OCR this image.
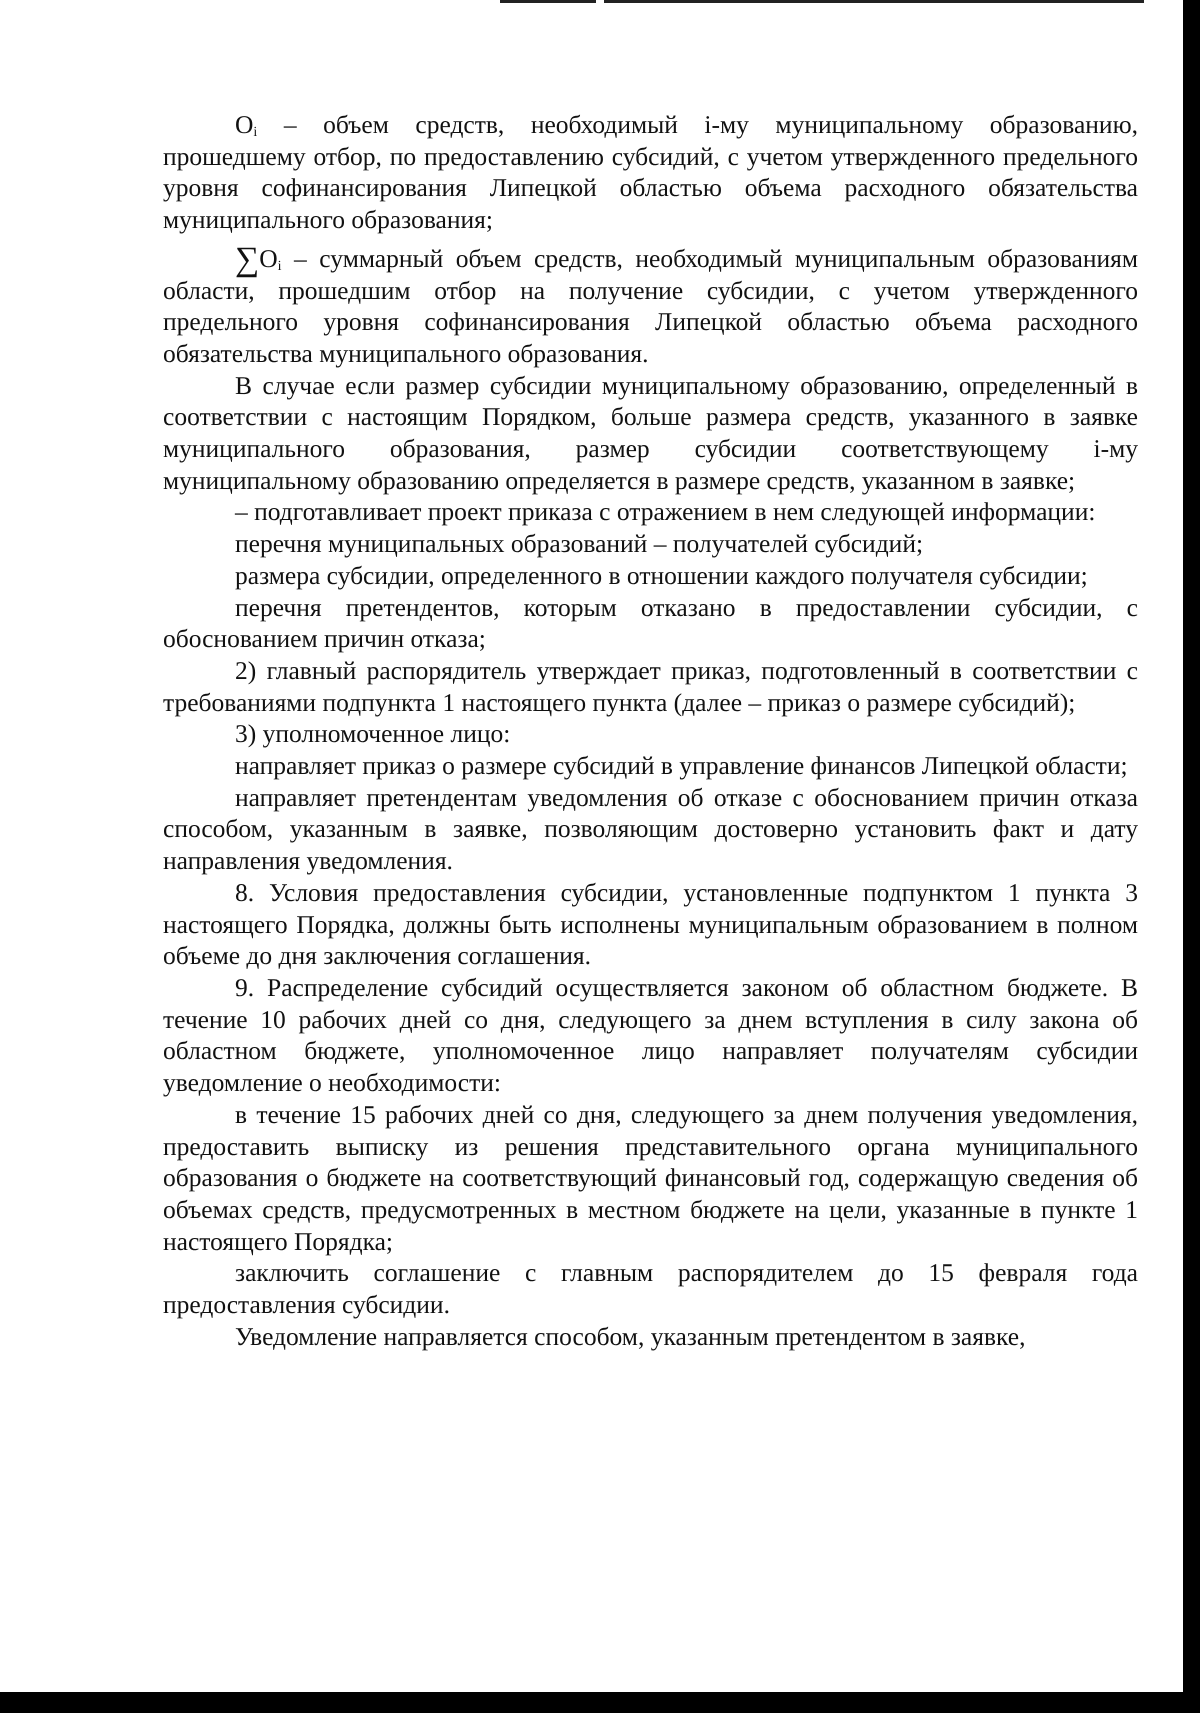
$O_i$ – объем средств, необходимый i-му муниципальному образованию, прошедшему отбор, по предоставлению субсидий, с учетом утвержденного предельного уровня софинансирования Липецкой областью объема расходного обязательства муниципального образования;

$\sum O_i$ – суммарный объем средств, необходимый муниципальным образованиям области, прошедшим отбор на получение субсидии, с учетом утвержденного предельного уровня софинансирования Липецкой областью объема расходного обязательства муниципального образования.

В случае если размер субсидии муниципальному образованию, определенный в соответствии с настоящим Порядком, больше размера средств, указанного в заявке муниципального образования, размер субсидии соответствующему i-му муниципальному образованию определяется в размере средств, указанном в заявке;

– подготавливает проект приказа с отражением в нем следующей информации:

перечня муниципальных образований – получателей субсидий;

размера субсидии, определенного в отношении каждого получателя субсидии;

перечня претендентов, которым отказано в предоставлении субсидии, с обоснованием причин отказа;

2) главный распорядитель утверждает приказ, подготовленный в соответствии с требованиями подпункта 1 настоящего пункта (далее – приказ о размере субсидий);

3) уполномоченное лицо:

направляет приказ о размере субсидий в управление финансов Липецкой области;

направляет претендентам уведомления об отказе с обоснованием причин отказа способом, указанным в заявке, позволяющим достоверно установить факт и дату направления уведомления.

8. Условия предоставления субсидии, установленные подпунктом 1 пункта 3 настоящего Порядка, должны быть исполнены муниципальным образованием в полном объеме до дня заключения соглашения.

9. Распределение субсидий осуществляется законом об областном бюджете. В течение 10 рабочих дней со дня, следующего за днем вступления в силу закона об областном бюджете, уполномоченное лицо направляет получателям субсидии уведомление о необходимости:

в течение 15 рабочих дней со дня, следующего за днем получения уведомления, предоставить выписку из решения представительного органа муниципального образования о бюджете на соответствующий финансовый год, содержащую сведения об объемах средств, предусмотренных в местном бюджете на цели, указанные в пункте 1 настоящего Порядка;

заключить соглашение с главным распорядителем до 15 февраля года предоставления субсидии.

Уведомление направляется способом, указанным претендентом в заявке,
